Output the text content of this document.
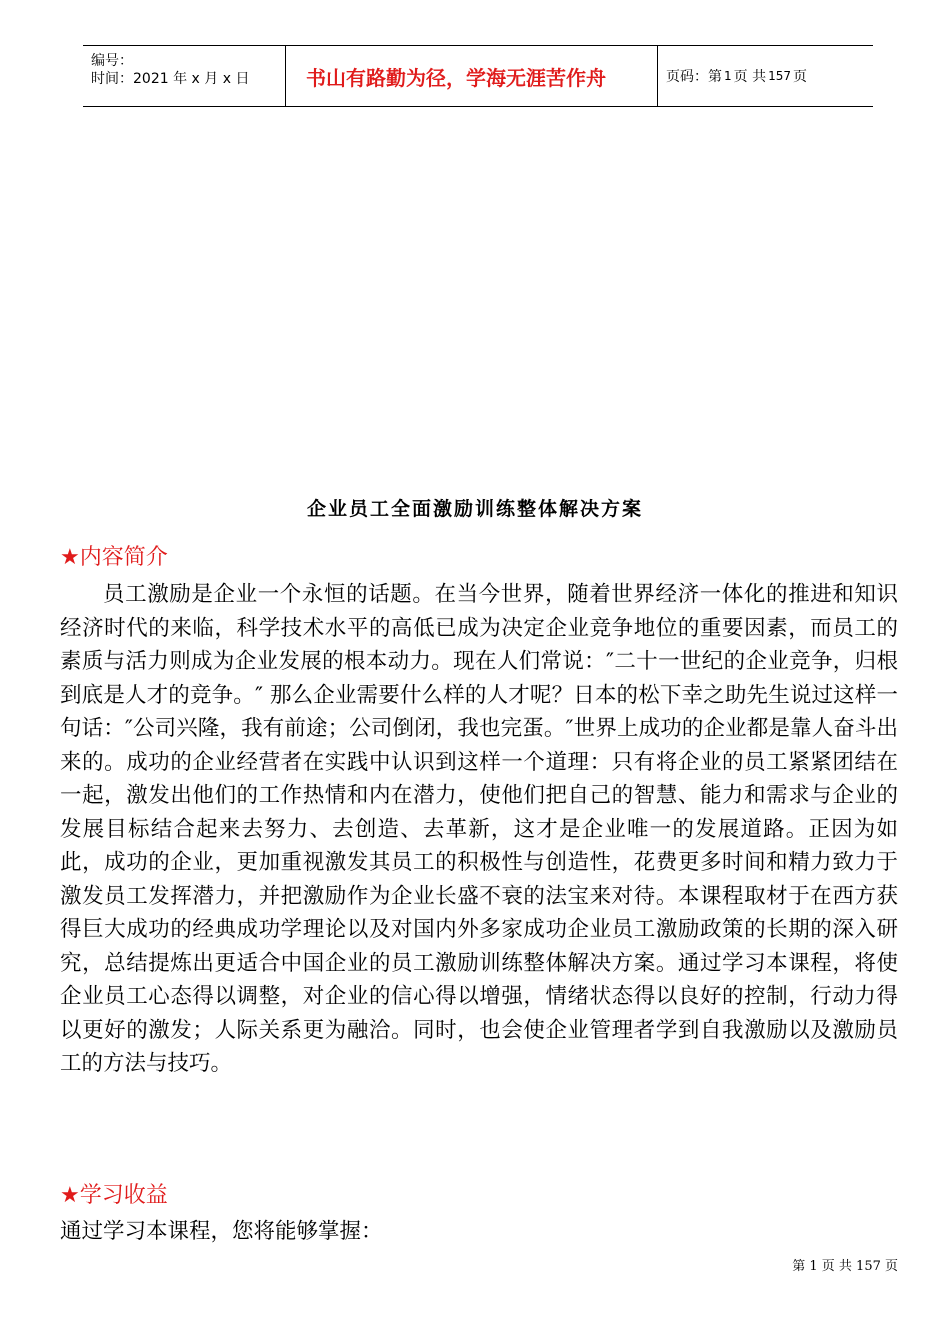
编号：
时间：2021 年 x 月 x 日	书山有路勤为径，学海无涯苦作舟	页码：第 1 页 共 157 页
企业员工全面激励训练整体解决方案
★内容简介

员工激励是企业一个永恒的话题。在当今世界，随着世界经济一体化的推进和知识经济时代的来临，科学技术水平的高低已成为决定企业竞争地位的重要因素，而员工的素质与活力则成为企业发展的根本动力。现在人们常说：″二十一世纪的企业竞争，归根到底是人才的竞争。″ 那么企业需要什么样的人才呢？日本的松下幸之助先生说过这样一句话：″公司兴隆，我有前途；公司倒闭，我也完蛋。″世界上成功的企业都是靠人奋斗出来的。成功的企业经营者在实践中认识到这样一个道理：只有将企业的员工紧紧团结在一起，激发出他们的工作热情和内在潜力，使他们把自己的智慧、能力和需求与企业的发展目标结合起来去努力、去创造、去革新，这才是企业唯一的发展道路。正因为如此，成功的企业，更加重视激发其员工的积极性与创造性，花费更多时间和精力致力于激发员工发挥潜力，并把激励作为企业长盛不衰的法宝来对待。本课程取材于在西方获得巨大成功的经典成功学理论以及对国内外多家成功企业员工激励政策的长期的深入研究，总结提炼出更适合中国企业的员工激励训练整体解决方案。通过学习本课程，将使企业员工心态得以调整，对企业的信心得以增强，情绪状态得以良好的控制，行动力得以更好的激发；人际关系更为融洽。同时，也会使企业管理者学到自我激励以及激励员工的方法与技巧。

★学习收益
通过学习本课程，您将能够掌握：
第 1 页 共 157 页
